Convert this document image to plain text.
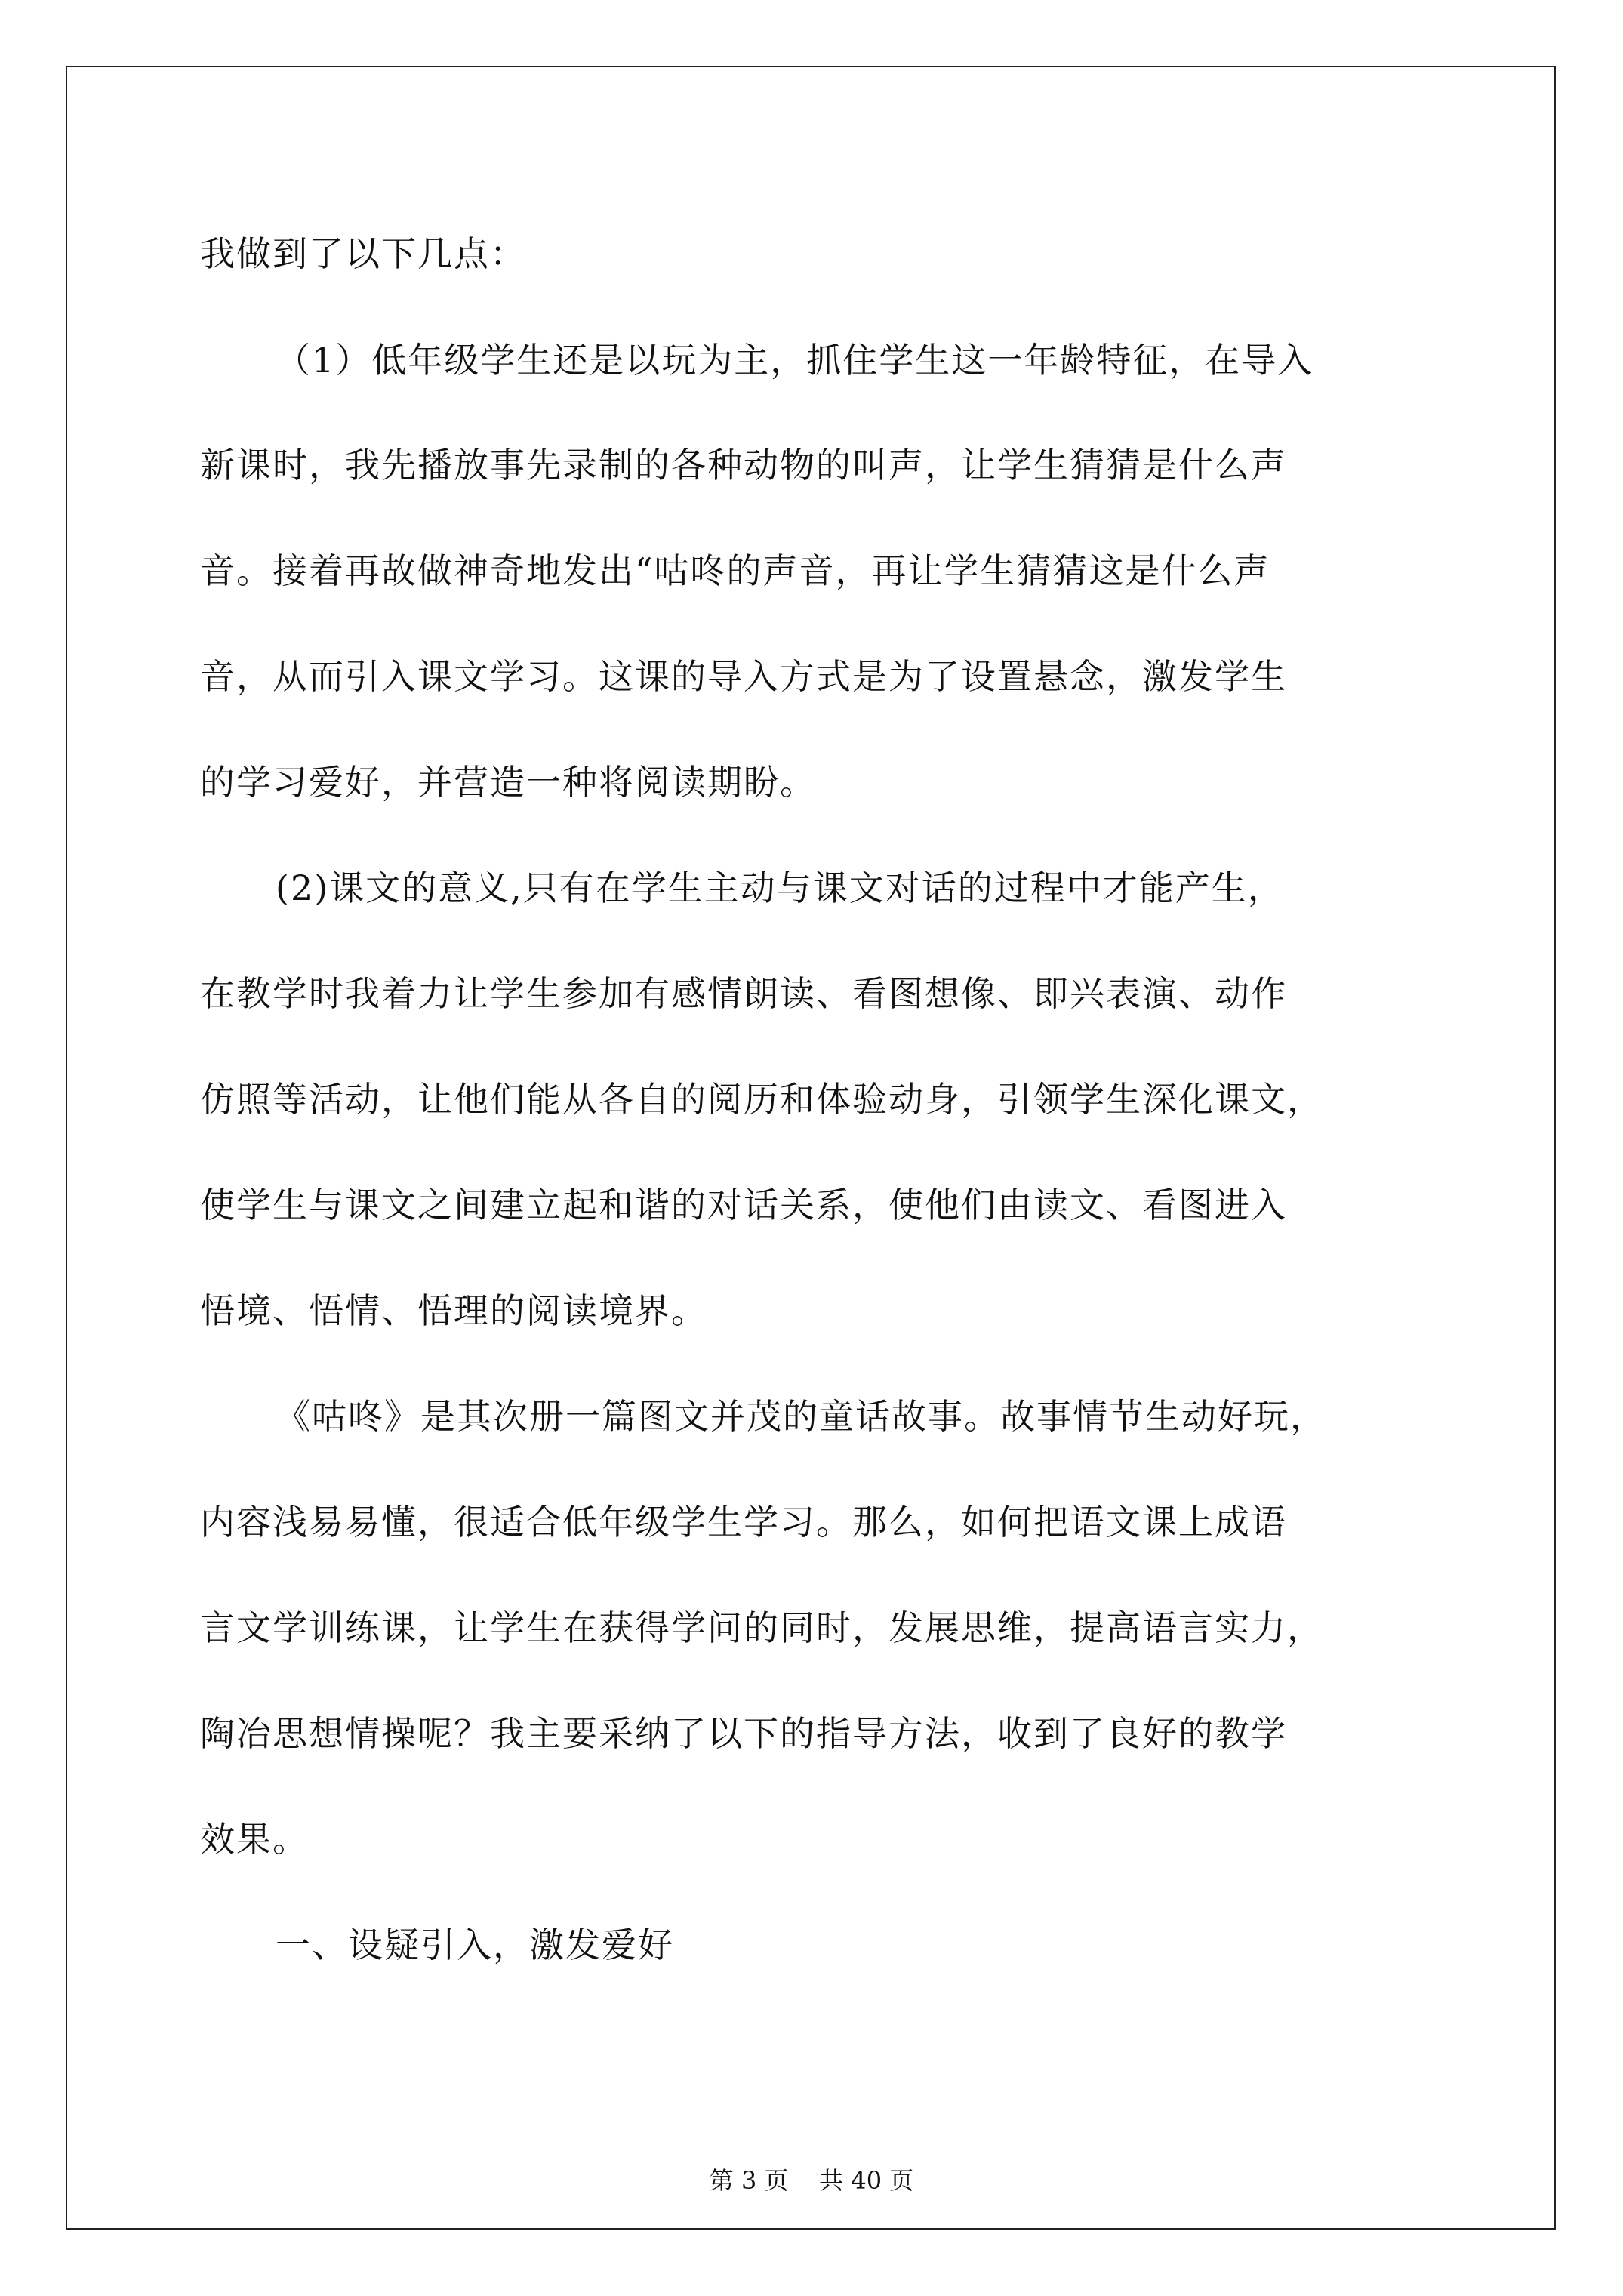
我做到了以下几点：
（1）低年级学生还是以玩为主，抓住学生这一年龄特征，在导入
新课时，我先播放事先录制的各种动物的叫声，让学生猜猜是什么声
音。接着再故做神奇地发出“咕咚的声音，再让学生猜猜这是什么声
音，从而引入课文学习。这课的导入方式是为了设置悬念，激发学生
的学习爱好，并营造一种将阅读期盼。
(2)课文的意义,只有在学生主动与课文对话的过程中才能产生，
在教学时我着力让学生参加有感情朗读、看图想像、即兴表演、动作
仿照等活动，让他们能从各自的阅历和体验动身，引领学生深化课文，
使学生与课文之间建立起和谐的对话关系，使他们由读文、看图进入
悟境、悟情、悟理的阅读境界。
《咕咚》是其次册一篇图文并茂的童话故事。故事情节生动好玩，
内容浅易易懂，很适合低年级学生学习。那么，如何把语文课上成语
言文学训练课，让学生在获得学问的同时，发展思维，提高语言实力，
陶冶思想情操呢？我主要采纳了以下的指导方法，收到了良好的教学
效果。
一、设疑引入，激发爱好
第 3 页    共 40 页
